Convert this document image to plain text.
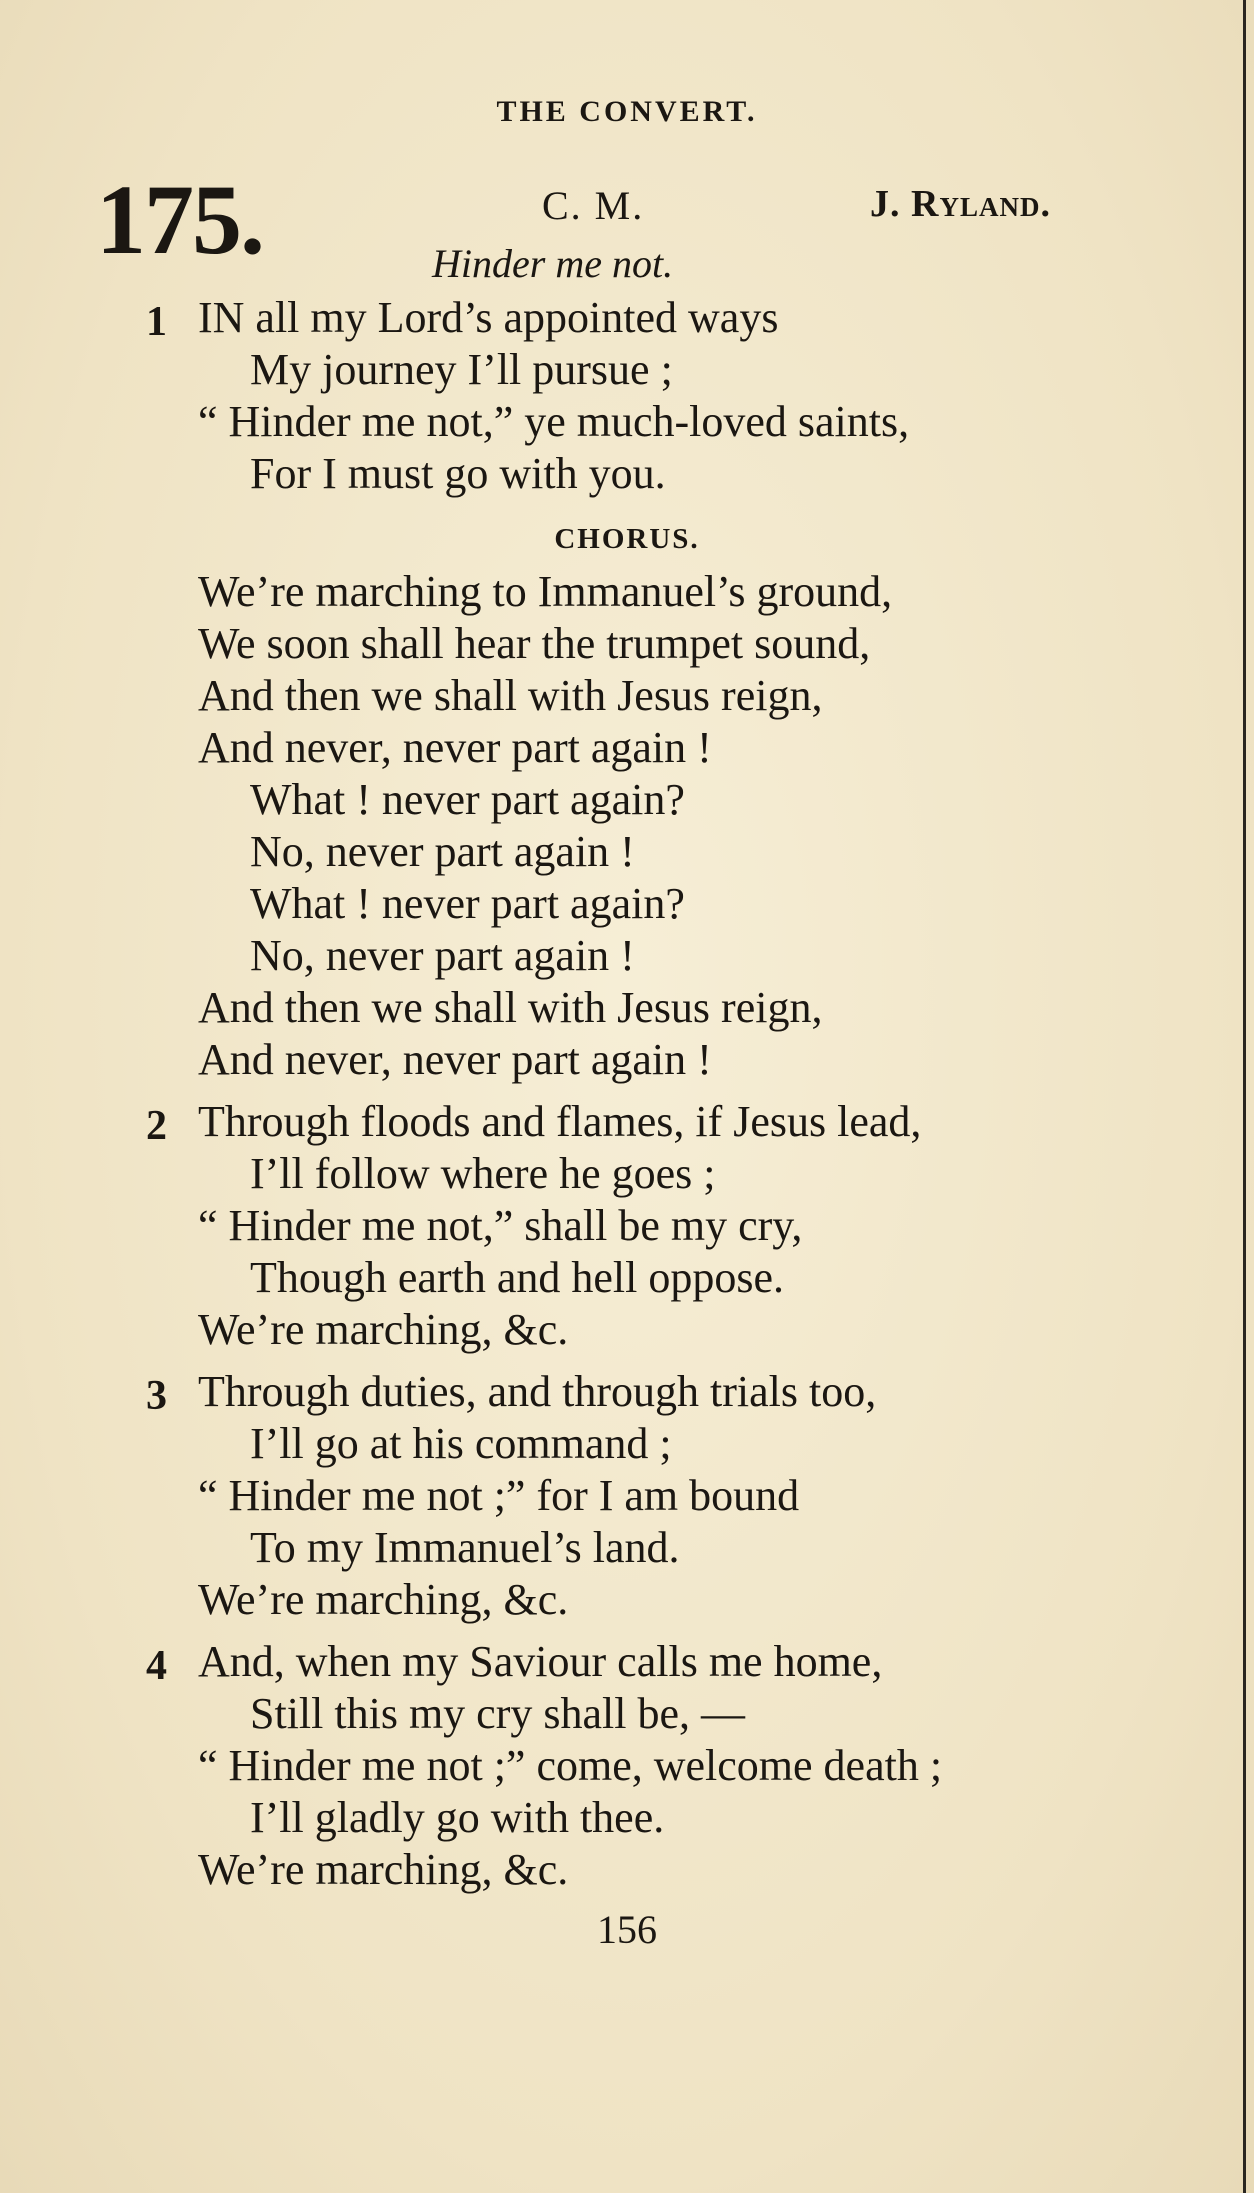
THE CONVERT.
175.	C. M.	J. Ryland.
Hinder me not.
1 IN all my Lord’s appointed ways
My journey I’ll pursue ;
“ Hinder me not,” ye much-loved saints,
For I must go with you.
CHORUS.
We’re marching to Immanuel’s ground,
We soon shall hear the trumpet sound,
And then we shall with Jesus reign,
And never, never part again !
What ! never part again?
No, never part again !
What ! never part again?
No, never part again !
And then we shall with Jesus reign,
And never, never part again !
2 Through floods and flames, if Jesus lead,
I’ll follow where he goes ;
“ Hinder me not,” shall be my cry,
Though earth and hell oppose.
We’re marching, &c.
3 Through duties, and through trials too,
I’ll go at his command ;
“ Hinder me not ;” for I am bound
To my Immanuel’s land.
We’re marching, &c.
4 And, when my Saviour calls me home,
Still this my cry shall be, —
“ Hinder me not ;” come, welcome death ;
I’ll gladly go with thee.
We’re marching, &c.
156
